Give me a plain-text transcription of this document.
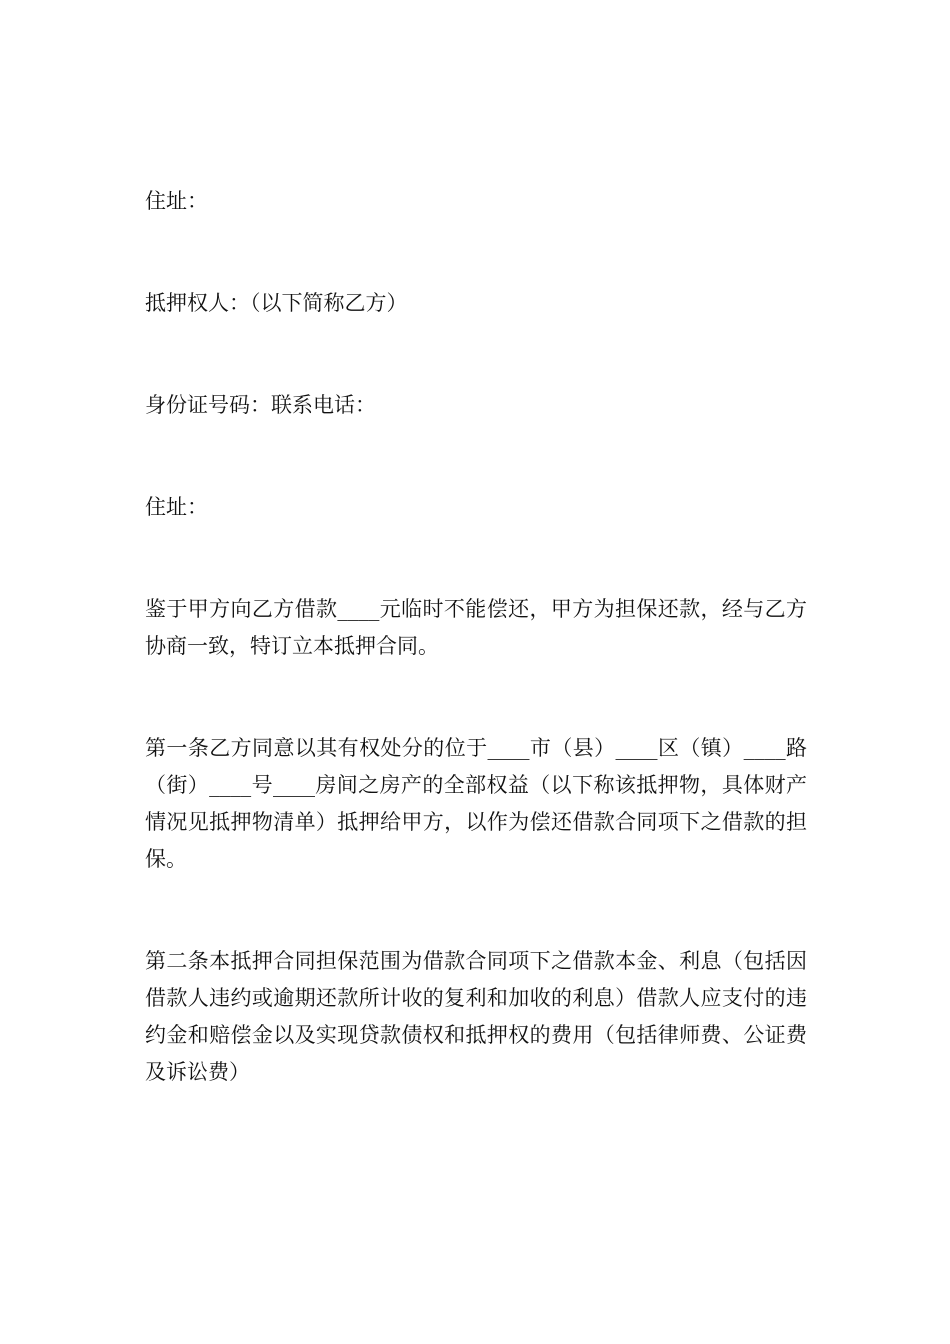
住址：

抵押权人：（以下简称乙方）

身份证号码：联系电话：

住址：

鉴于甲方向乙方借款____元临时不能偿还，甲方为担保还款，经与乙方协商一致，特订立本抵押合同。

第一条乙方同意以其有权处分的位于____市（县）____区（镇）____路（街）____号____房间之房产的全部权益（以下称该抵押物，具体财产情况见抵押物清单）抵押给甲方，以作为偿还借款合同项下之借款的担保。

第二条本抵押合同担保范围为借款合同项下之借款本金、利息（包括因借款人违约或逾期还款所计收的复利和加收的利息）借款人应支付的违约金和赔偿金以及实现贷款债权和抵押权的费用（包括律师费、公证费及诉讼费）
